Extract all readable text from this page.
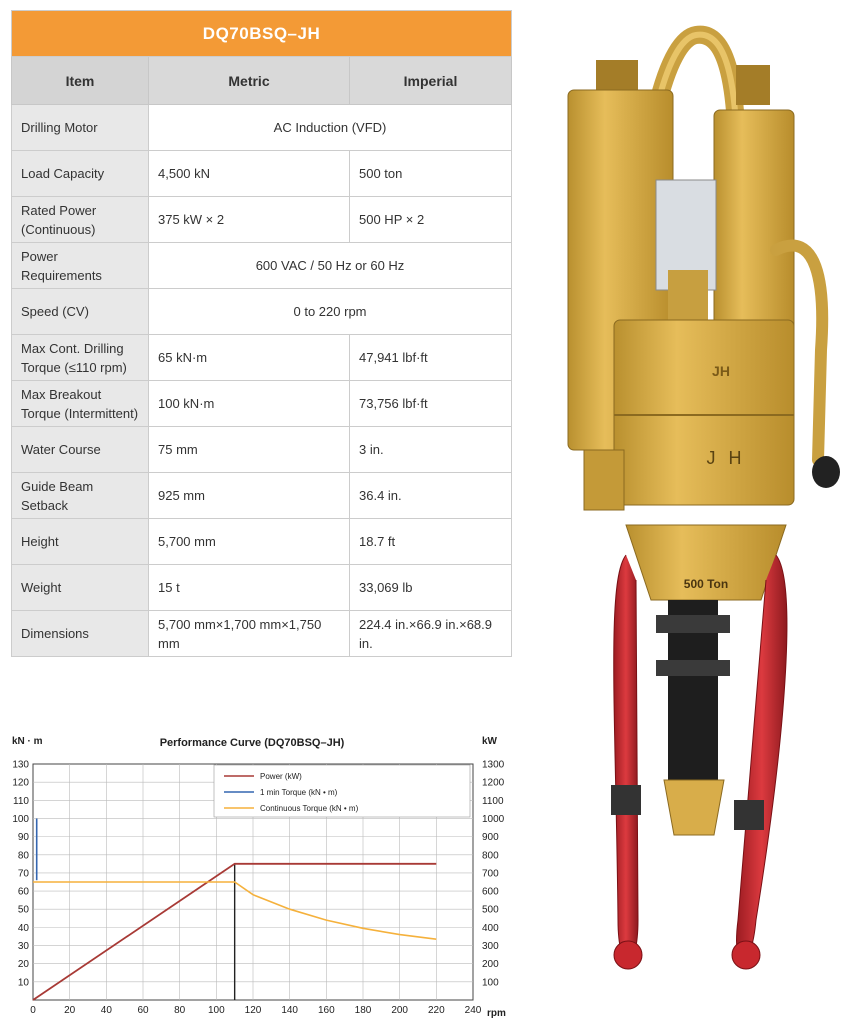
DQ70BSQ–JH		
Item	Metric	Imperial
Drilling Motor	AC Induction (VFD)	
Load Capacity	4,500 kN	500 ton
Rated Power (Continuous)	375 kW × 2	500 HP × 2
Power Requirements	600 VAC / 50 Hz or 60 Hz	
Speed (CV)	0 to 220 rpm	
Max Cont. Drilling Torque (≤110 rpm)	65 kN·m	47,941 lbf·ft
Max Breakout Torque (Intermittent)	100 kN·m	73,756 lbf·ft
Water Course	75 mm	3 in.
Guide Beam Setback	925 mm	36.4 in.
Height	5,700 mm	18.7 ft
Weight	15 t	33,069 lb
Dimensions	5,700 mm×1,700 mm×1,750 mm	224.4 in.×66.9 in.×68.9 in.
Performance Curve (DQ70BSQ–JH)
kN · m	kW
rpm
0	20	40	60	80 100 120 140 160 180 200 220 240
10
20
30
40
50
60
70
80
90
100
110
120
130
100
200
300
400
500
600
700
800
900
1000
1100
1200
1300
Power (kW)
1 min Torque (kN • m)
Continuous Torque (kN • m)
JH
J H
500 Ton
